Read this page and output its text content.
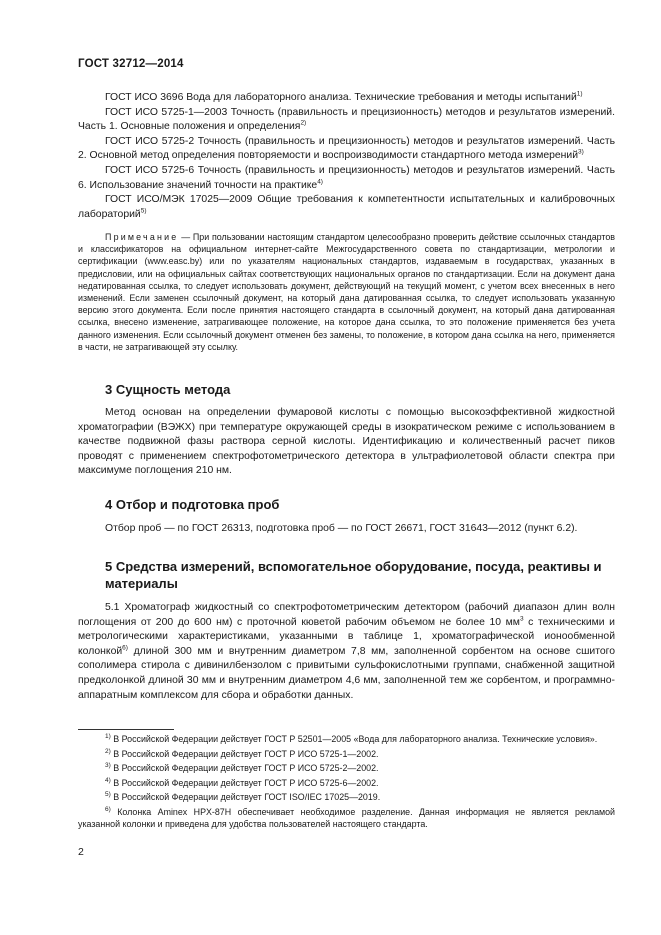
ГОСТ 32712—2014

ГОСТ ИСО 3696 Вода для лабораторного анализа. Технические требования и методы испытаний$^{1)}$

ГОСТ ИСО 5725-1—2003 Точность (правильность и прецизионность) методов и результатов измерений. Часть 1. Основные положения и определения$^{2)}$

ГОСТ ИСО 5725-2 Точность (правильность и прецизионность) методов и результатов измерений. Часть 2. Основной метод определения повторяемости и воспроизводимости стандартного метода измерений$^{3)}$

ГОСТ ИСО 5725-6 Точность (правильность и прецизионность) методов и результатов измерений. Часть 6. Использование значений точности на практике$^{4)}$

ГОСТ ИСО/МЭК 17025—2009 Общие требования к компетентности испытательных и калибровочных лабораторий$^{5)}$

Примечание — При пользовании настоящим стандартом целесообразно проверить действие ссылочных стандартов и классификаторов на официальном интернет-сайте Межгосударственного совета по стандартизации, метрологии и сертификации (www.easc.by) или по указателям национальных стандартов, издаваемым в государствах, указанных в предисловии, или на официальных сайтах соответствующих национальных органов по стандартизации. Если на документ дана недатированная ссылка, то следует использовать документ, действующий на текущий момент, с учетом всех внесенных в него изменений. Если заменен ссылочный документ, на который дана датированная ссылка, то следует использовать указанную версию этого документа. Если после принятия настоящего стандарта в ссылочный документ, на который дана датированная ссылка, внесено изменение, затрагивающее положение, на которое дана ссылка, то это положение применяется без учета данного изменения. Если ссылочный документ отменен без замены, то положение, в котором дана ссылка на него, применяется в части, не затрагивающей эту ссылку.

3 Сущность метода

Метод основан на определении фумаровой кислоты с помощью высокоэффективной жидкостной хроматографии (ВЭЖХ) при температуре окружающей среды в изократическом режиме с использованием в качестве подвижной фазы раствора серной кислоты. Идентификацию и количественный расчет пиков проводят с применением спектрофотометрического детектора в ультрафиолетовой области спектра при максимуме поглощения 210 нм.

4 Отбор и подготовка проб

Отбор проб — по ГОСТ 26313, подготовка проб — по ГОСТ 26671, ГОСТ 31643—2012 (пункт 6.2).

5 Средства измерений, вспомогательное оборудование, посуда, реактивы и материалы

5.1 Хроматограф жидкостный со спектрофотометрическим детектором (рабочий диапазон длин волн поглощения от 200 до 600 нм) с проточной кюветой рабочим объемом не более 10 $мм^3$ с техническими и метрологическими характеристиками, указанными в таблице 1, хроматографической ионообменной колонкой$^{6)}$ длиной 300 мм и внутренним диаметром 7,8 мм, заполненной сорбентом на основе сшитого сополимера стирола с дивинилбензолом с привитыми сульфокислотными группами, снабженной защитной предколонкой длиной 30 мм и внутренним диаметром 4,6 мм, заполненной тем же сорбентом, и программно-аппаратным комплексом для сбора и обработки данных.

$^{1)}$ В Российской Федерации действует ГОСТ Р 52501—2005 «Вода для лабораторного анализа. Технические условия».

$^{2)}$ В Российской Федерации действует ГОСТ Р ИСО 5725-1—2002.

$^{3)}$ В Российской Федерации действует ГОСТ Р ИСО 5725-2—2002.

$^{4)}$ В Российской Федерации действует ГОСТ Р ИСО 5725-6—2002.

$^{5)}$ В Российской Федерации действует ГОСТ ISO/IEC 17025—2019.

$^{6)}$ Колонка Aminex HPX-87H обеспечивает необходимое разделение. Данная информация не является рекламой указанной колонки и приведена для удобства пользователей настоящего стандарта.

2
